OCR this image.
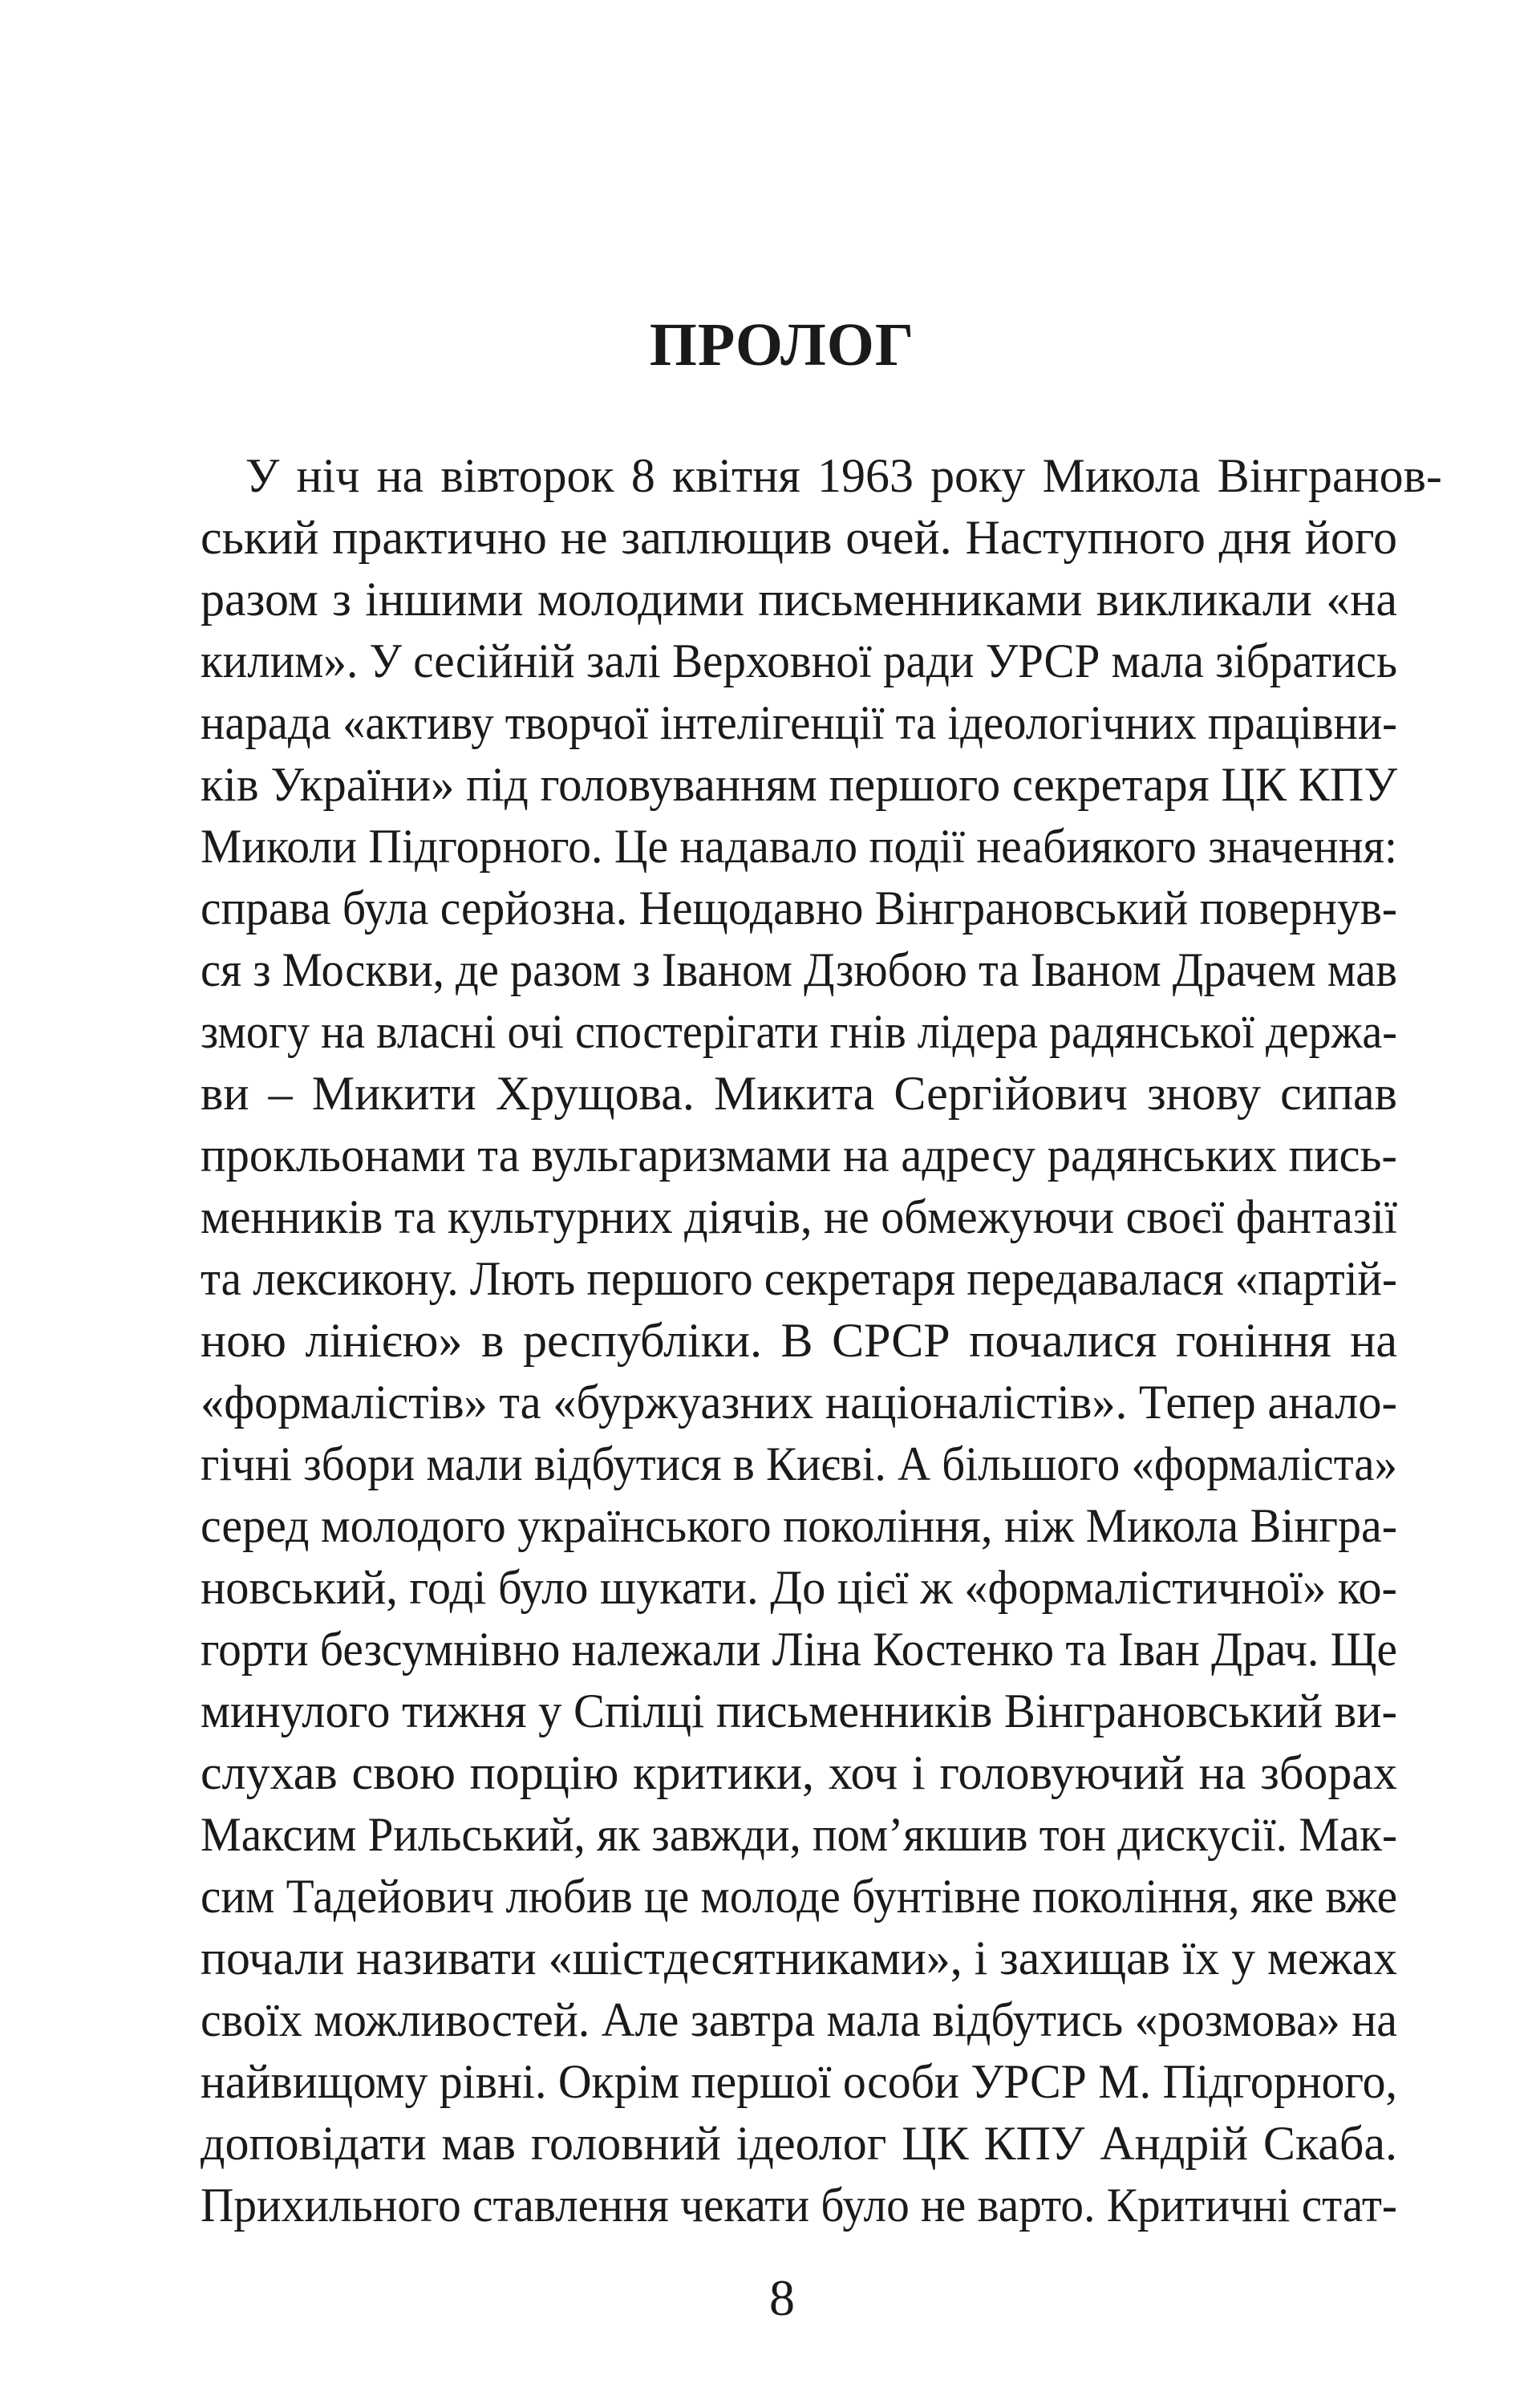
ПРОЛОГ
У ніч на вівторок 8 квітня 1963 року Микола Вінгранов-
ський практично не заплющив очей. Наступного дня його
разом з іншими молодими письменниками викликали «на
килим». У сесійній залі Верховної ради УРСР мала зібратись
нарада «активу творчої інтелігенції та ідеологічних працівни-
ків України» під головуванням першого секретаря ЦК КПУ
Миколи Підгорного. Це надавало події неабиякого значення:
справа була серйозна. Нещодавно Вінграновський повернув-
ся з Москви, де разом з Іваном Дзюбою та Іваном Драчем мав
змогу на власні очі спостерігати гнів лідера радянської держа-
ви – Микити Хрущова. Микита Сергійович знову сипав
прокльонами та вульгаризмами на адресу радянських пись-
менників та культурних діячів, не обмежуючи своєї фантазії
та лексикону. Лють першого секретаря передавалася «партій-
ною лінією» в республіки. В СРСР почалися гоніння на
«формалістів» та «буржуазних націоналістів». Тепер анало-
гічні збори мали відбутися в Києві. А більшого «формаліста»
серед молодого українського покоління, ніж Микола Вінгра-
новський, годі було шукати. До цієї ж «формалістичної» ко-
горти безсумнівно належали Ліна Костенко та Іван Драч. Ще
минулого тижня у Спілці письменників Вінграновський ви-
слухав свою порцію критики, хоч і головуючий на зборах
Максим Рильський, як завжди, пом’якшив тон дискусії. Мак-
сим Тадейович любив це молоде бунтівне покоління, яке вже
почали називати «шістдесятниками», і захищав їх у межах
своїх можливостей. Але завтра мала відбутись «розмова» на
найвищому рівні. Окрім першої особи УРСР М. Підгорного,
доповідати мав головний ідеолог ЦК КПУ Андрій Скаба.
Прихильного ставлення чекати було не варто. Критичні стат-
8
